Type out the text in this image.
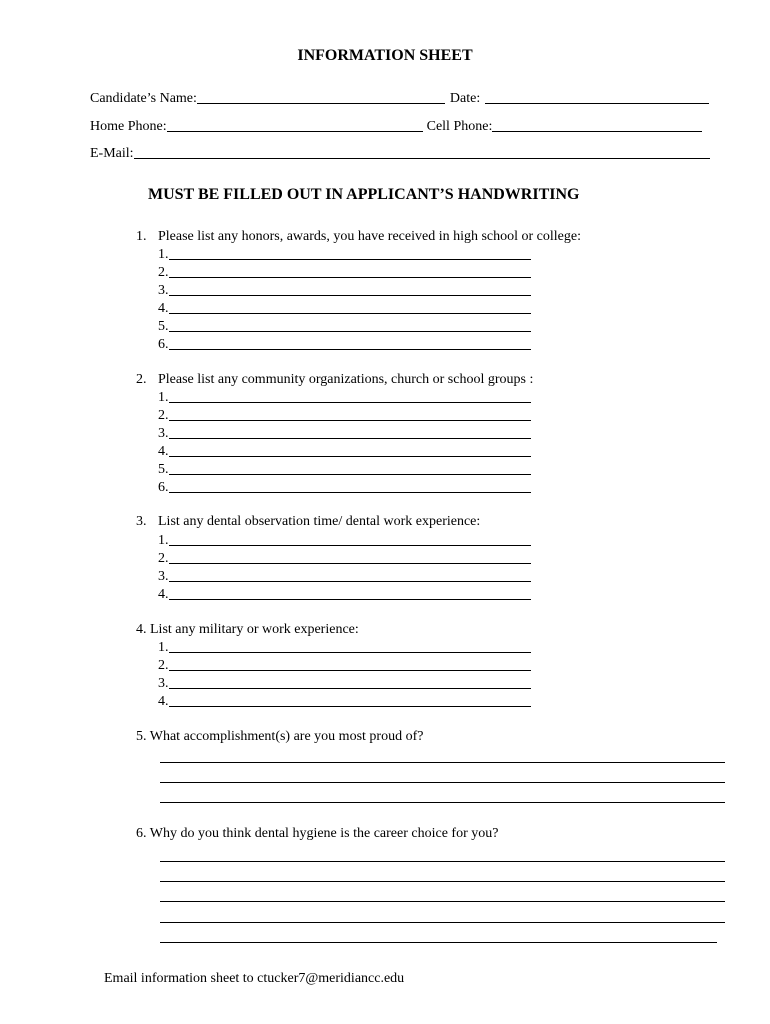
INFORMATION SHEET
Candidate’s Name:	Date:
Home Phone:	Cell Phone:
E-Mail:
MUST BE FILLED OUT IN APPLICANT’S HANDWRITING
1. Please list any honors, awards, you have received in high school or college:
1.
2.
3.
4.
5.
6.
2. Please list any community organizations, church or school groups :
1.
2.
3.
4.
5.
6.
3. List any dental observation time/ dental work experience:
1.
2.
3.
4.
4. List any military or work experience:
1.
2.
3.
4.
5. What accomplishment(s) are you most proud of?
6. Why do you think dental hygiene is the career choice for you?
Email information sheet to ctucker7@meridiancc.edu
